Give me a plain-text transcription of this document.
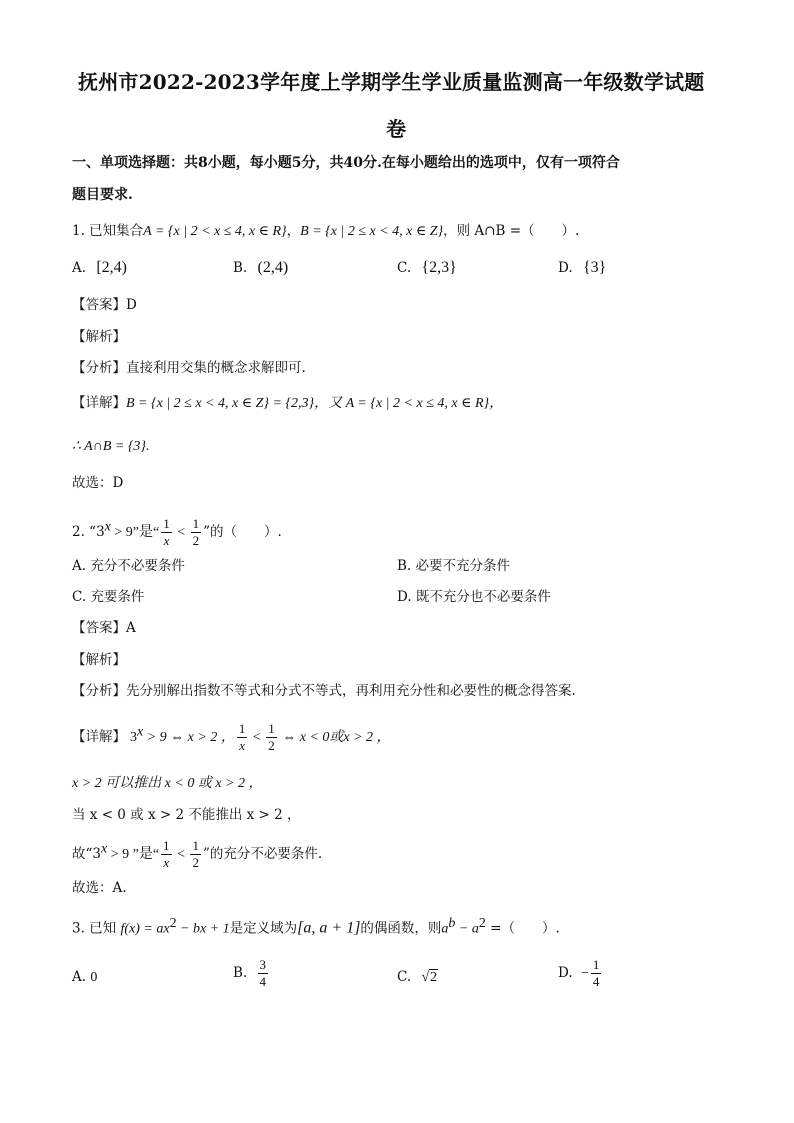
抚州市2022-2023学年度上学期学生学业质量监测高一年级数学试题
卷
一、单项选择题：共8小题，每小题5分，共40分.在每小题给出的选项中，仅有一项符合
题目要求.
1. 已知集合A = {x | 2 < x ≤ 4, x ∈ R}，B = {x | 2 ≤ x < 4, x ∈ Z}，则 A∩B =（　　）.
A. [2,4)	B. (2,4)	C. {2,3}	D. {3}
【答案】D
【解析】
【分析】直接利用交集的概念求解即可.
【详解】B = {x | 2 ≤ x < 4, x ∈ Z} = {2,3}，又 A = {x | 2 < x ≤ 4, x ∈ R}，
∴ A∩B = {3}.
故选：D
2. “$3^x > 9$”是“ $\frac{1}{x} < \frac{1}{2}$ ”的（　　）.
A. 充分不必要条件	B. 必要不充分条件
C. 充要条件	D. 既不充分也不必要条件
【答案】A
【解析】
【分析】先分别解出指数不等式和分式不等式，再利用充分性和必要性的概念得答案.
【详解】 $3^x > 9$ ⇔ x > 2 ， $\frac{1}{x} < \frac{1}{2}$ ⇔ x < 0或x > 2 ，
x > 2 可以推出 x < 0 或 x > 2 ，
当 x < 0 或 x > 2 不能推出 x > 2 ，
故“$3^x > 9$ ”是“ $\frac{1}{x} < \frac{1}{2}$ ”的充分不必要条件.
故选：A.
3. 已知 $f(x) = ax^2$ − bx + 1是定义域为[a, a + 1]的偶函数，则$a^b - a^2$ =（　　）.
A. 0	B. $\frac{3}{4}$	C. √2	D. − $\frac{1}{4}$
